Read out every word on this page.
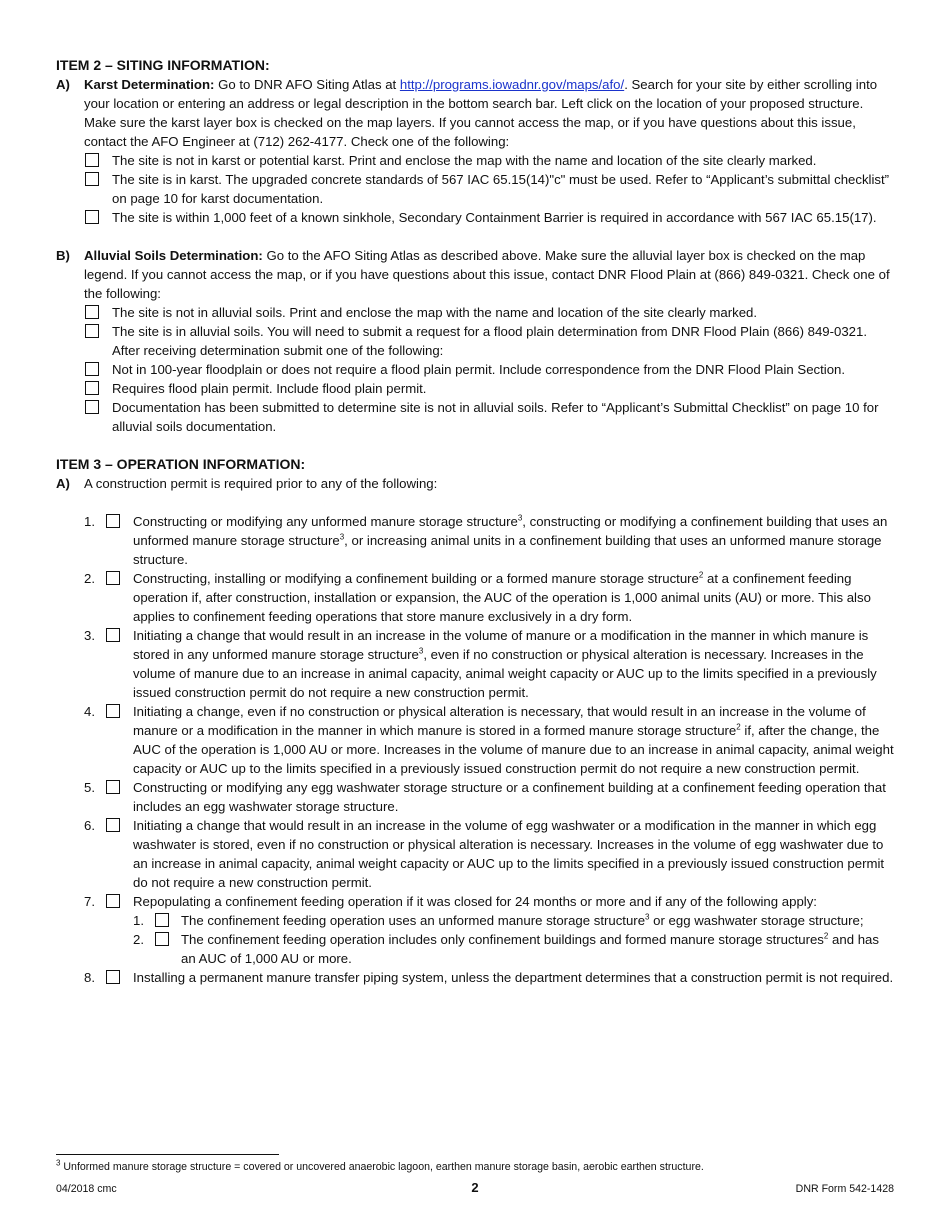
ITEM 2 – SITING INFORMATION:

A) Karst Determination: Go to DNR AFO Siting Atlas at http://programs.iowadnr.gov/maps/afo/. Search for your site by either scrolling into your location or entering an address or legal description in the bottom search bar. Left click on the location of your proposed structure. Make sure the karst layer box is checked on the map layers. If you cannot access the map, or if you have questions about this issue, contact the AFO Engineer at (712) 262-4177. Check one of the following:
The site is not in karst or potential karst. Print and enclose the map with the name and location of the site clearly marked.
The site is in karst. The upgraded concrete standards of 567 IAC 65.15(14)"c" must be used. Refer to “Applicant’s submittal checklist” on page 10 for karst documentation.
The site is within 1,000 feet of a known sinkhole, Secondary Containment Barrier is required in accordance with 567 IAC 65.15(17).
B) Alluvial Soils Determination: Go to the AFO Siting Atlas as described above. Make sure the alluvial layer box is checked on the map legend. If you cannot access the map, or if you have questions about this issue, contact DNR Flood Plain at (866) 849-0321. Check one of the following:
The site is not in alluvial soils. Print and enclose the map with the name and location of the site clearly marked.
The site is in alluvial soils. You will need to submit a request for a flood plain determination from DNR Flood Plain (866) 849-0321. After receiving determination submit one of the following:
Not in 100-year floodplain or does not require a flood plain permit. Include correspondence from the DNR Flood Plain Section.
Requires flood plain permit. Include flood plain permit.
Documentation has been submitted to determine site is not in alluvial soils. Refer to “Applicant’s Submittal Checklist” on page 10 for alluvial soils documentation.

ITEM 3 – OPERATION INFORMATION:

A) A construction permit is required prior to any of the following:
1.	Constructing or modifying any unformed manure storage structure$^3$, constructing or modifying a confinement building that uses an unformed manure storage structure$^3$, or increasing animal units in a confinement building that uses an unformed manure storage structure.
2.	Constructing, installing or modifying a confinement building or a formed manure storage structure$^2$ at a confinement feeding operation if, after construction, installation or expansion, the AUC of the operation is 1,000 animal units (AU) or more. This also applies to confinement feeding operations that store manure exclusively in a dry form.
3.	Initiating a change that would result in an increase in the volume of manure or a modification in the manner in which manure is stored in any unformed manure storage structure$^3$, even if no construction or physical alteration is necessary. Increases in the volume of manure due to an increase in animal capacity, animal weight capacity or AUC up to the limits specified in a previously issued construction permit do not require a new construction permit.
4.	Initiating a change, even if no construction or physical alteration is necessary, that would result in an increase in the volume of manure or a modification in the manner in which manure is stored in a formed manure storage structure$^2$ if, after the change, the AUC of the operation is 1,000 AU or more. Increases in the volume of manure due to an increase in animal capacity, animal weight capacity or AUC up to the limits specified in a previously issued construction permit do not require a new construction permit.
5.	Constructing or modifying any egg washwater storage structure or a confinement building at a confinement feeding operation that includes an egg washwater storage structure.
6.	Initiating a change that would result in an increase in the volume of egg washwater or a modification in the manner in which egg washwater is stored, even if no construction or physical alteration is necessary. Increases in the volume of egg washwater due to an increase in animal capacity, animal weight capacity or AUC up to the limits specified in a previously issued construction permit do not require a new construction permit.
7.	Repopulating a confinement feeding operation if it was closed for 24 months or more and if any of the following apply:
1.	The confinement feeding operation uses an unformed manure storage structure$^3$ or egg washwater storage structure;
2.	The confinement feeding operation includes only confinement buildings and formed manure storage structures$^2$ and has an AUC of 1,000 AU or more.
8.	Installing a permanent manure transfer piping system, unless the department determines that a construction permit is not required.
$^3$ Unformed manure storage structure = covered or uncovered anaerobic lagoon, earthen manure storage basin, aerobic earthen structure.
04/2018 cmc	2	DNR Form 542-1428
